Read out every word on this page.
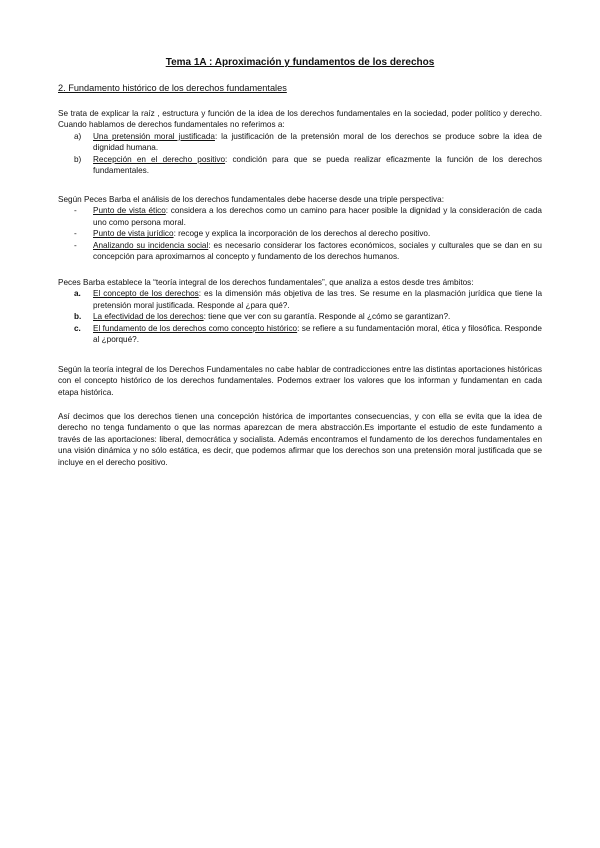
Tema 1A : Aproximación y fundamentos de los derechos
2. Fundamento histórico de los derechos fundamentales

Se trata de explicar la raíz , estructura y función de la idea de los derechos fundamentales en la sociedad, poder político y derecho. Cuando hablamos de derechos fundamentales no referimos a:

a) Una pretensión moral justificada: la justificación de la pretensión moral de los derechos se produce sobre la idea de dignidad humana.
b) Recepción en el derecho positivo: condición para que se pueda realizar eficazmente la función de los derechos fundamentales.

Según Peces Barba el análisis de los derechos fundamentales debe hacerse desde una triple perspectiva:

- Punto de vista ético: considera a los derechos como un camino para hacer posible la dignidad y la consideración de cada uno como persona moral.
- Punto de vista jurídico: recoge y explica la incorporación de los derechos al derecho positivo.
- Analizando su incidencia social: es necesario considerar los factores económicos, sociales y culturales que se dan en su concepción para aproximarnos al concepto y fundamento de los derechos humanos.

Peces Barba establece la “teoría integral de los derechos fundamentales”, que analiza a estos desde tres ámbitos:

a. El concepto de los derechos: es la dimensión más objetiva de las tres. Se resume en la plasmación jurídica que tiene la pretensión moral justificada. Responde al ¿para qué?.
b. La efectividad de los derechos: tiene que ver con su garantía. Responde al ¿cómo se garantizan?.
c. El fundamento de los derechos como concepto histórico: se refiere a su fundamentación moral, ética y filosófica. Responde al ¿porqué?.

Según la teoría integral de los Derechos Fundamentales no cabe hablar de contradicciones entre las distintas aportaciones históricas con el concepto histórico de los derechos fundamentales. Podemos extraer los valores que los informan y fundamentan en cada etapa histórica.

Así decimos que los derechos tienen una concepción histórica de importantes consecuencias, y con ella se evita que la idea de derecho no tenga fundamento o que las normas aparezcan de mera abstracción.Es importante el estudio de este fundamento a través de las aportaciones: liberal, democrática y socialista. Además encontramos el fundamento de los derechos fundamentales en una visión dinámica y no sólo estática, es decir, que podemos afirmar que los derechos son una pretensión moral justificada que se incluye en el derecho positivo.
